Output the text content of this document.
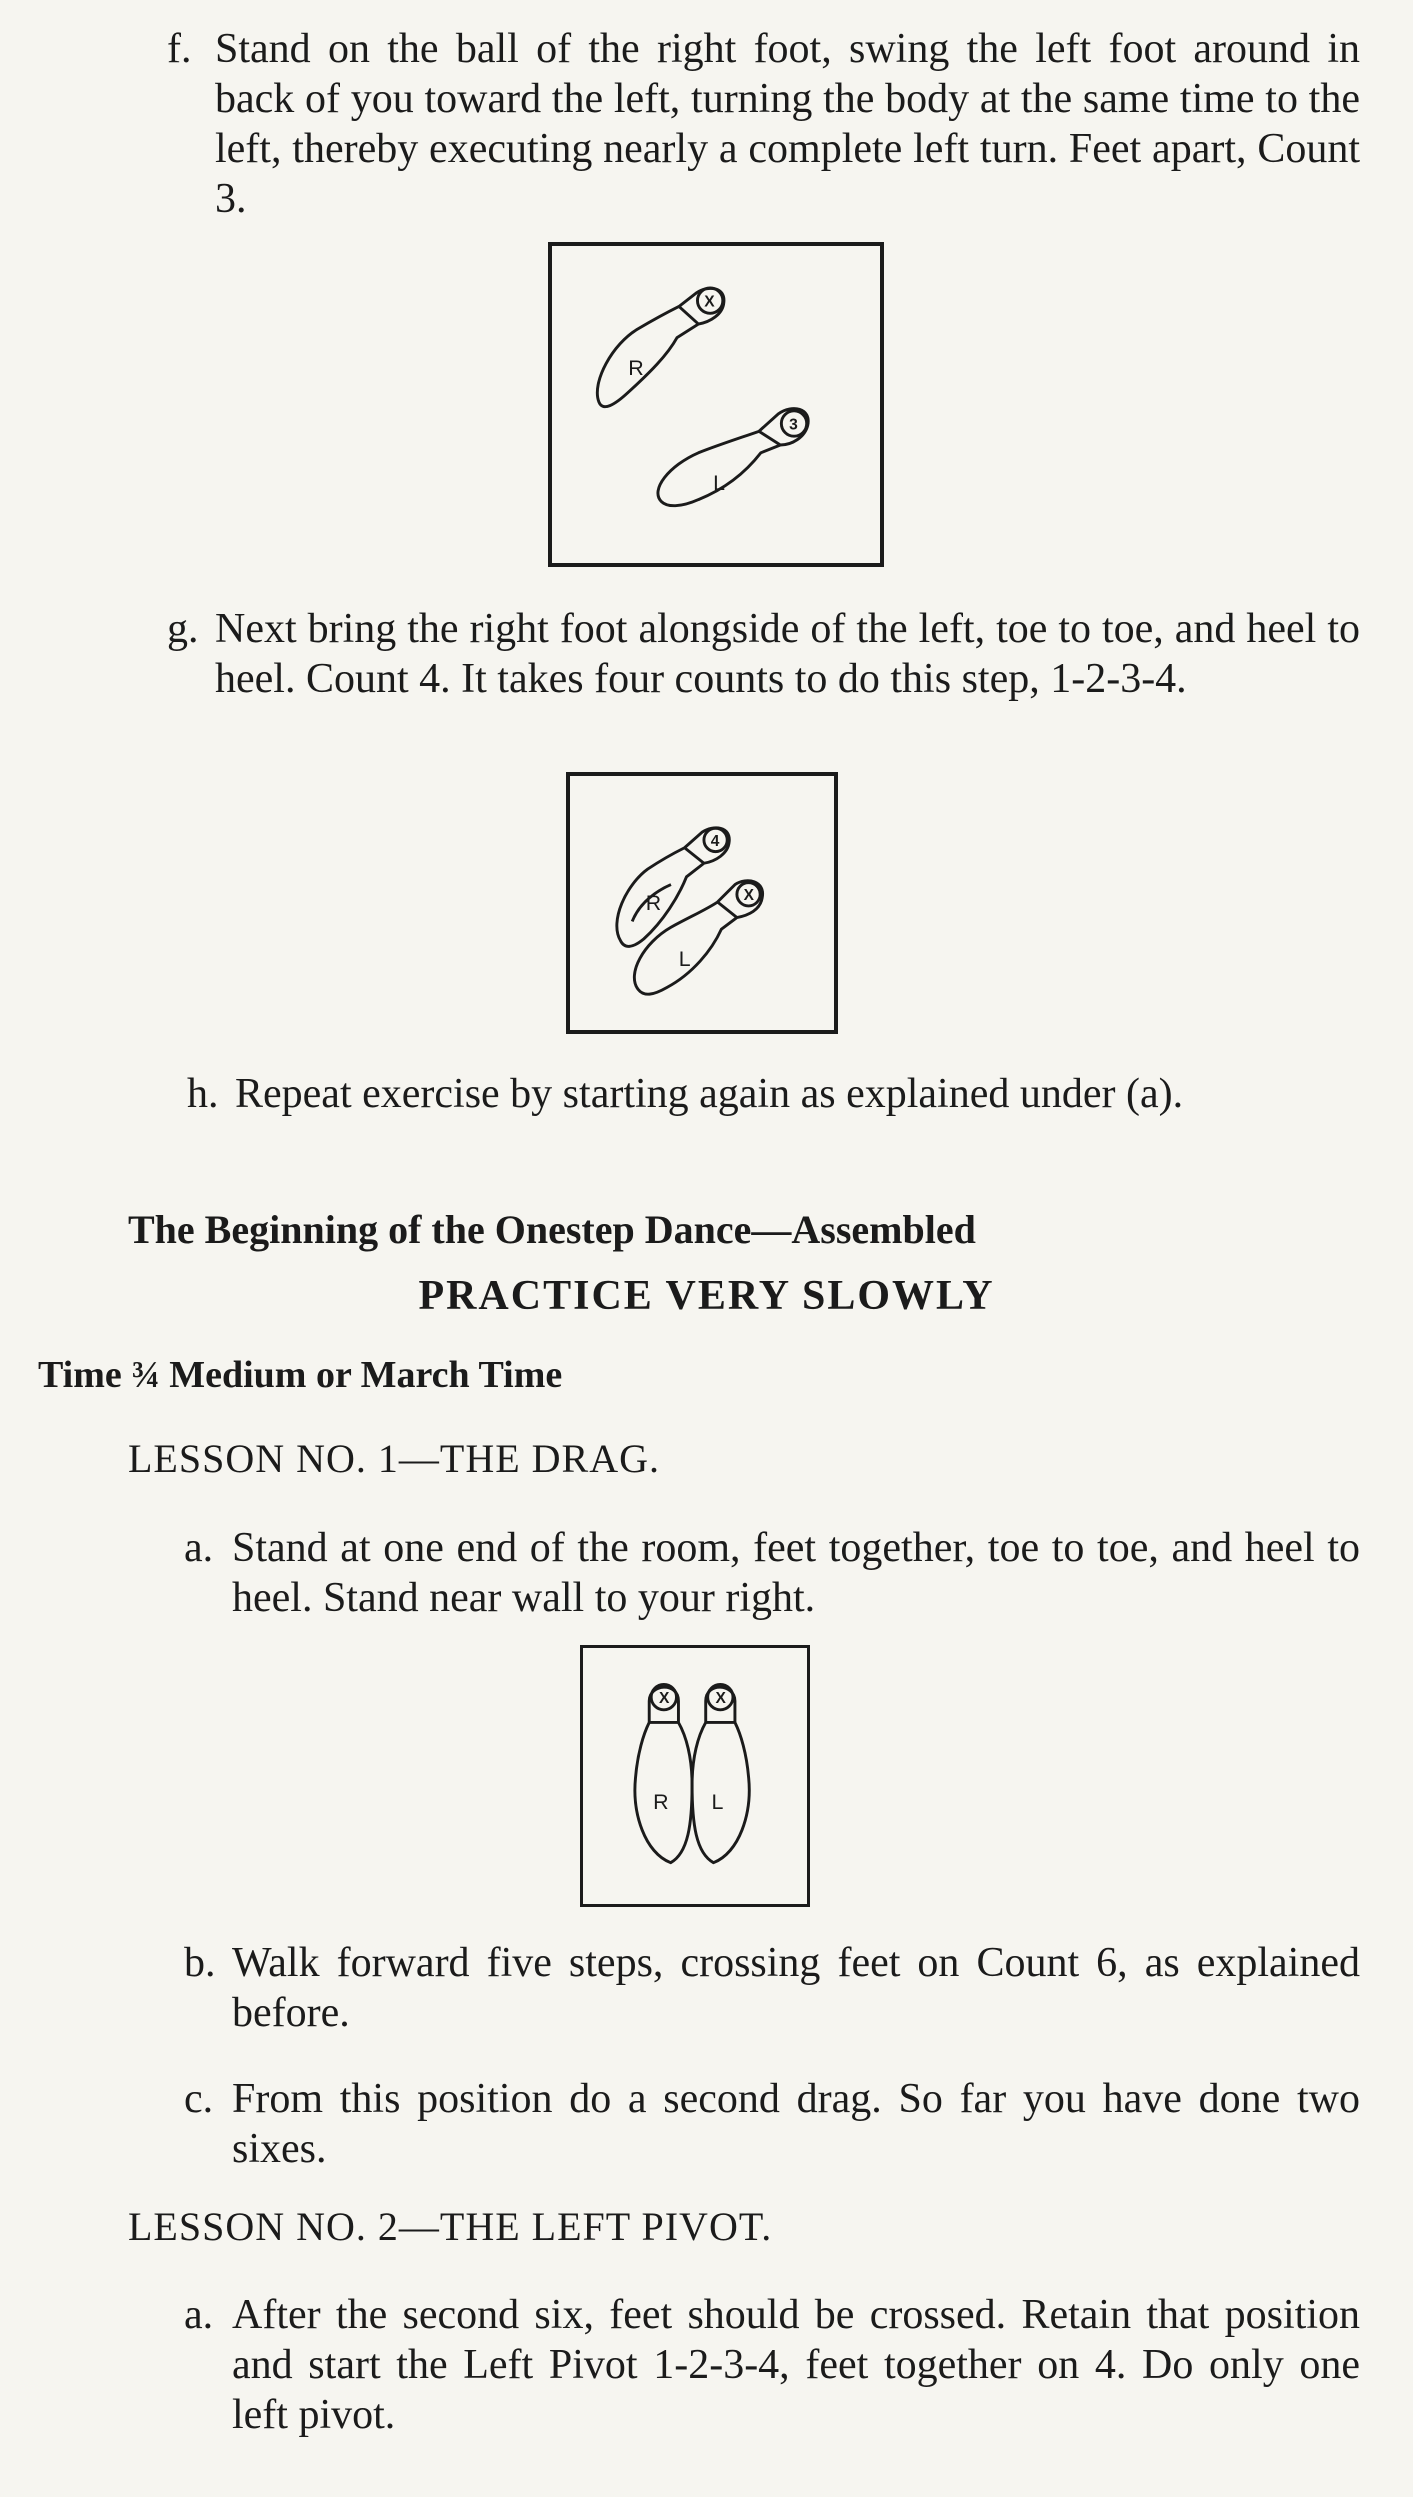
f. Stand on the ball of the right foot, swing the left foot around in back of you toward the left, turning the body at the same time to the left, thereby executing nearly a complete left turn. Feet apart, Count 3.
R
X
L
3
g. Next bring the right foot alongside of the left, toe to toe, and heel to heel. Count 4. It takes four counts to do this step, 1-2-3-4.
R
4
L
X
h. Repeat exercise by starting again as explained under (a).
The Beginning of the Onestep Dance—Assembled
PRACTICE VERY SLOWLY
Time ¾ Medium or March Time
LESSON NO. 1—THE DRAG.
a. Stand at one end of the room, feet together, toe to toe, and heel to heel. Stand near wall to your right.
R
X
L
X
b. Walk forward five steps, crossing feet on Count 6, as explained before.
c. From this position do a second drag. So far you have done two sixes.
LESSON NO. 2—THE LEFT PIVOT.
a. After the second six, feet should be crossed. Retain that position and start the Left Pivot 1-2-3-4, feet together on 4. Do only one left pivot.
